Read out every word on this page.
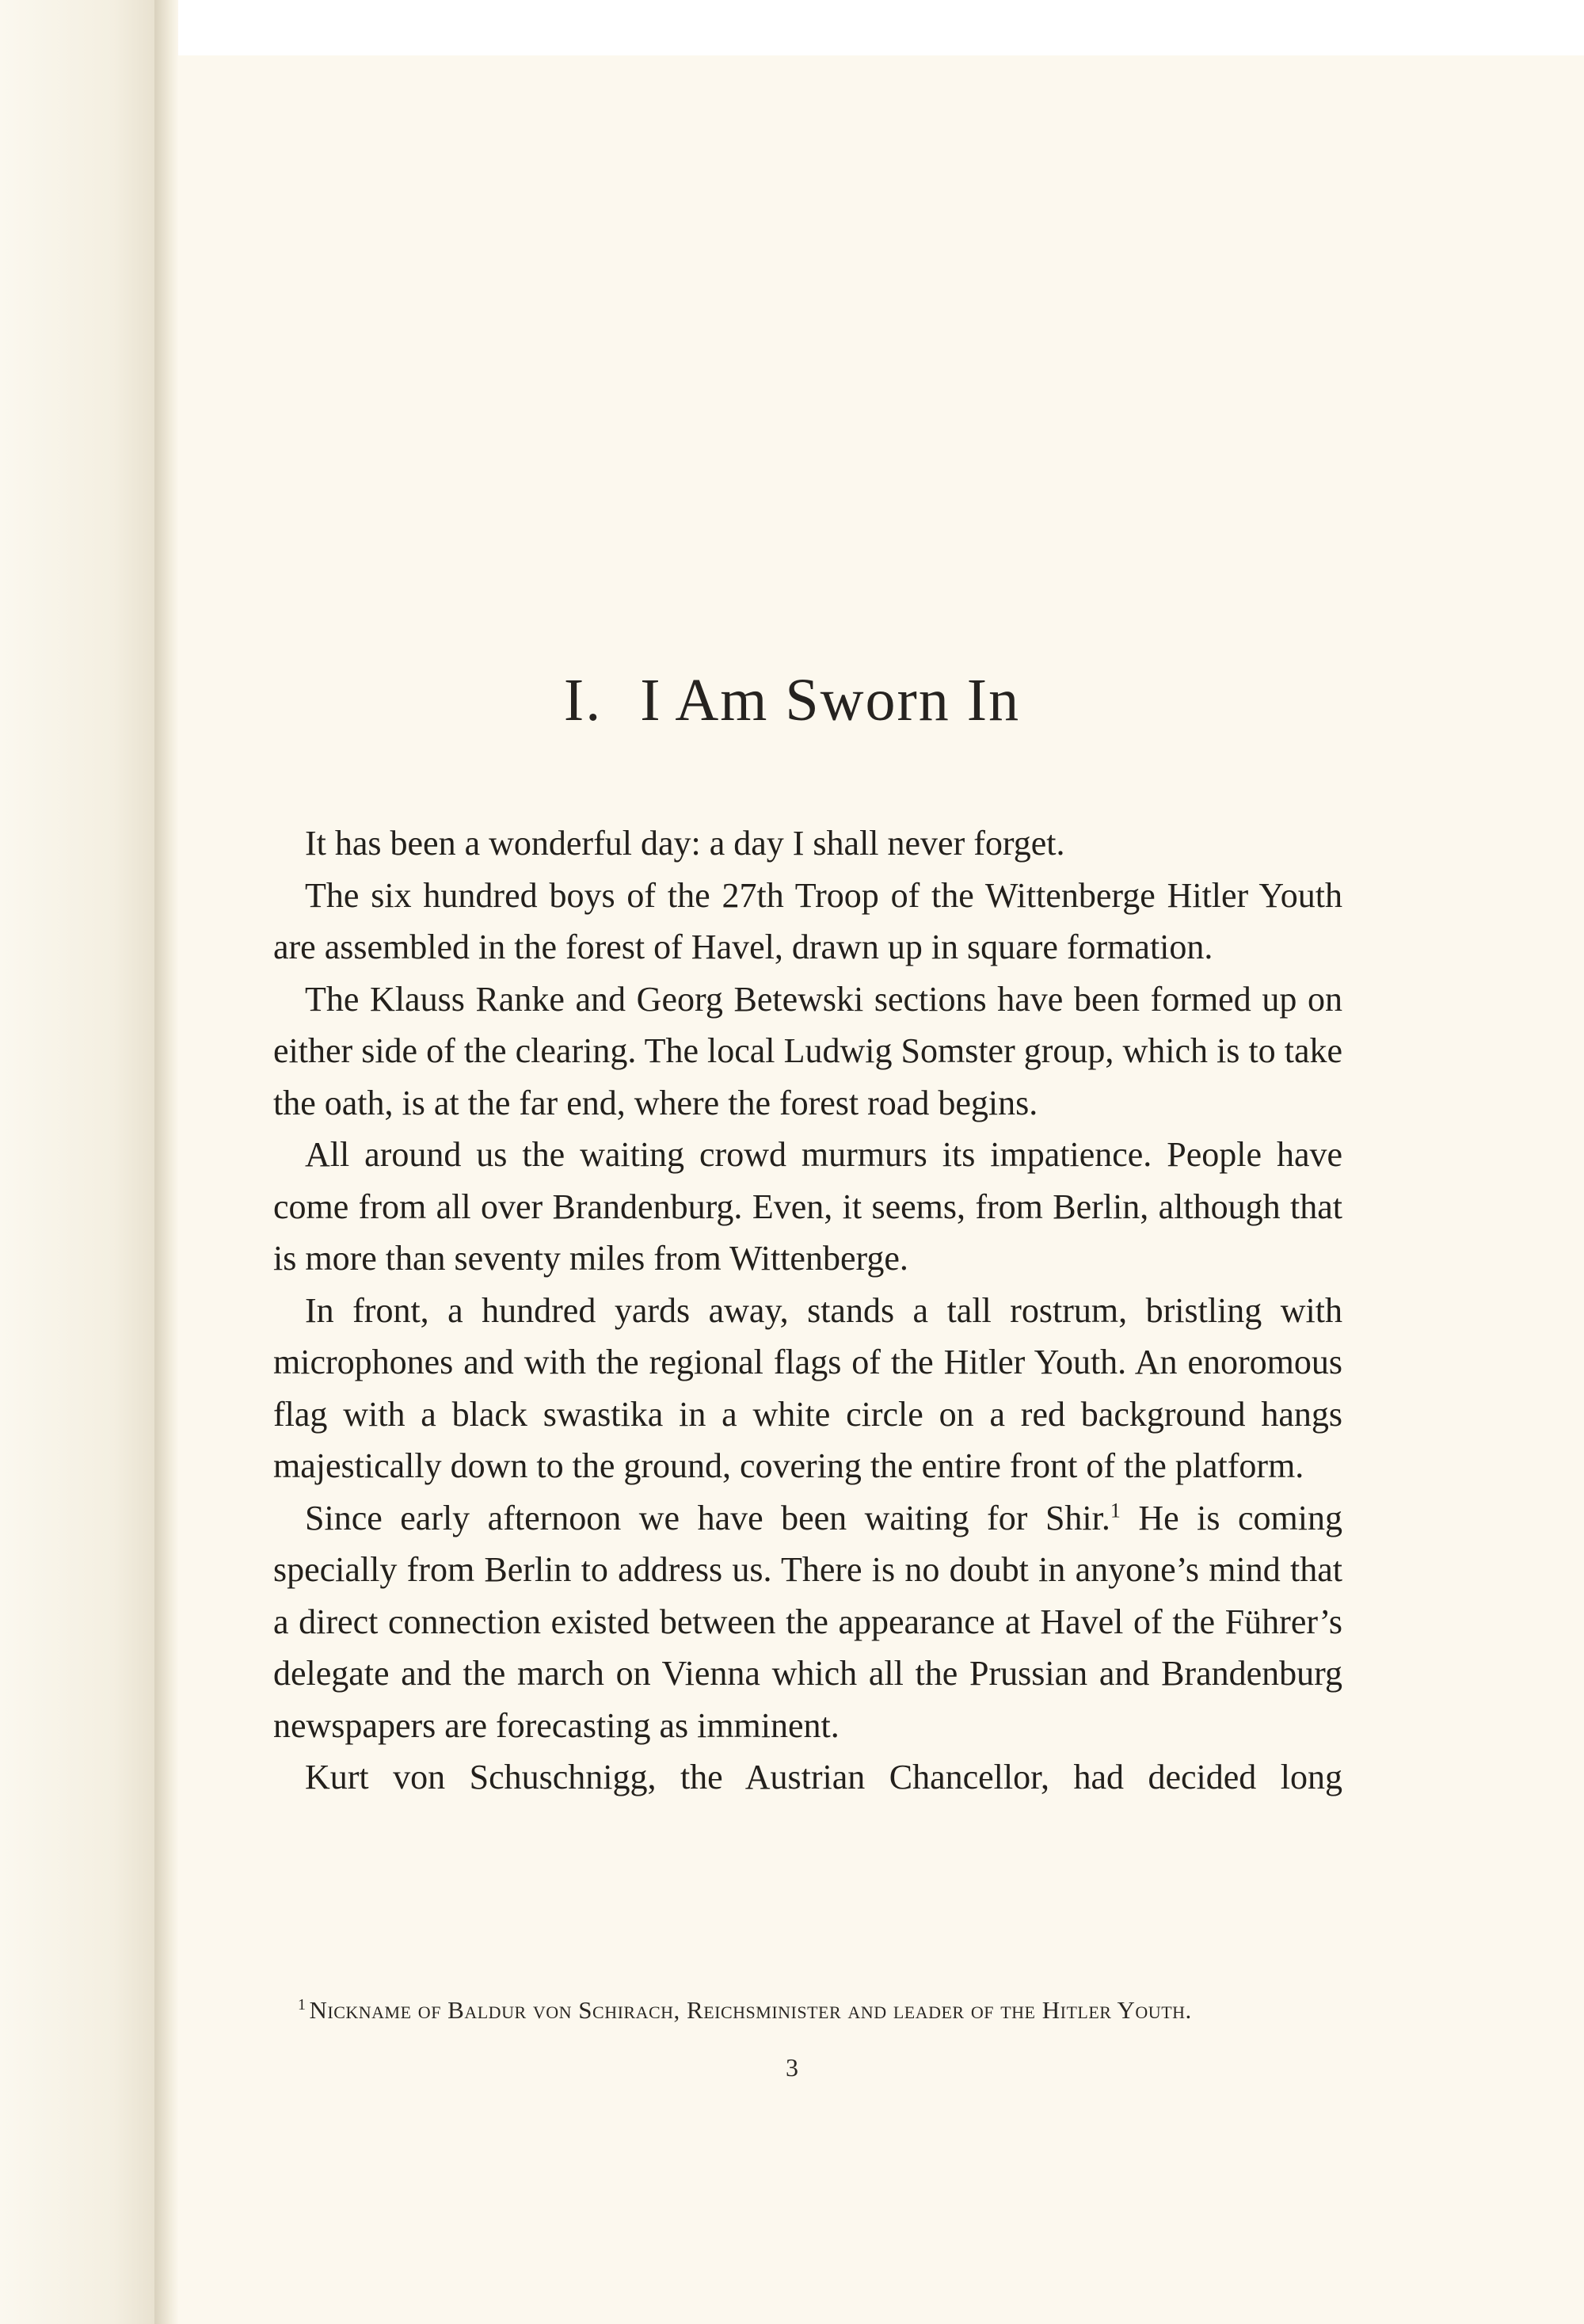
I. I Am Sworn In

It has been a wonderful day: a day I shall never forget.

The six hundred boys of the 27th Troop of the Wittenberge Hitler Youth are assembled in the forest of Havel, drawn up in square formation.

The Klauss Ranke and Georg Betewski sections have been formed up on either side of the clearing. The local Ludwig Somster group, which is to take the oath, is at the far end, where the forest road begins.

All around us the waiting crowd murmurs its impatience. People have come from all over Brandenburg. Even, it seems, from Berlin, although that is more than seventy miles from Wittenberge.

In front, a hundred yards away, stands a tall rostrum, bristling with microphones and with the regional flags of the Hitler Youth. An enoromous flag with a black swastika in a white circle on a red background hangs majestically down to the ground, covering the entire front of the platform.

Since early afternoon we have been waiting for Shir.$^1$ He is coming specially from Berlin to address us. There is no doubt in anyone’s mind that a direct connection existed between the appearance at Havel of the Führer’s delegate and the march on Vienna which all the Prussian and Brandenburg newspapers are forecasting as imminent.

Kurt von Schuschnigg, the Austrian Chancellor, had decided long

$^1$ Nickname of Baldur von Schirach, Reichsminister and leader of the Hitler Youth.
3
